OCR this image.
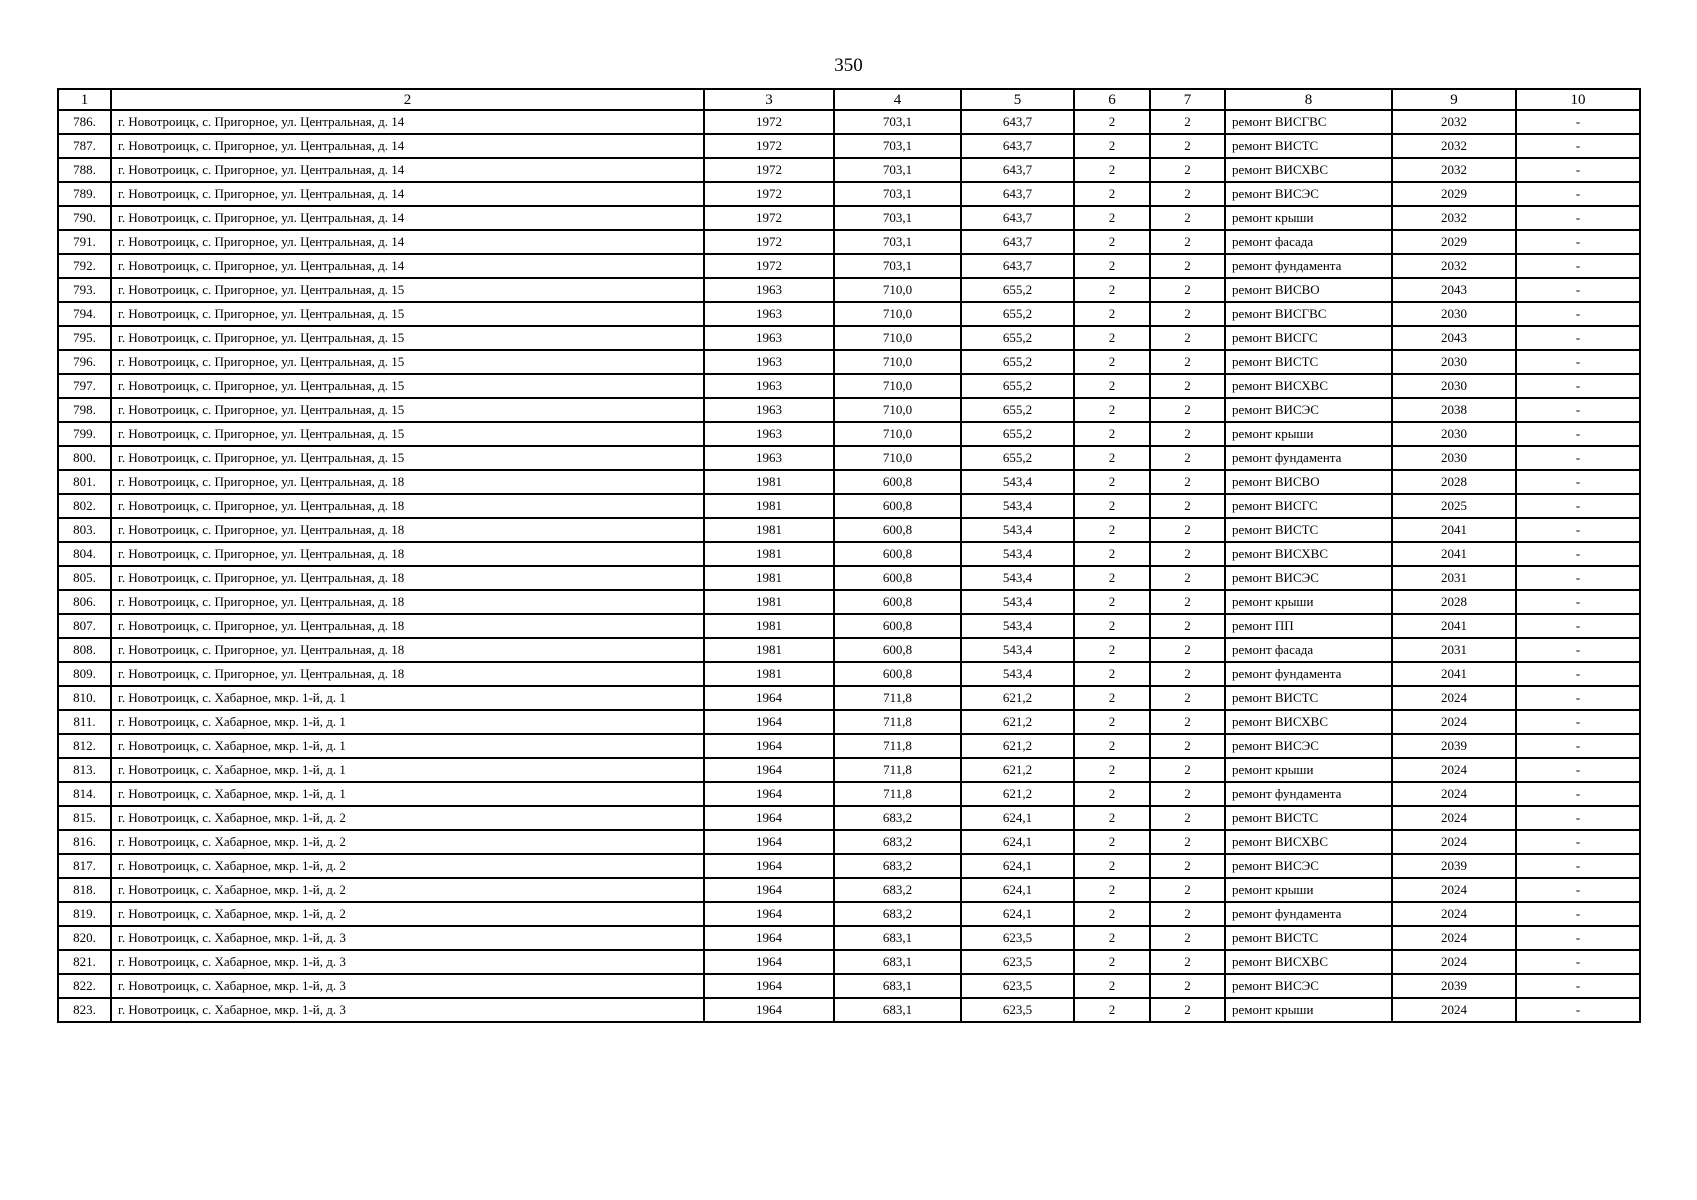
350
1	2	3	4	5	6	7	8	9	10
786.	г. Новотроицк, с. Пригорное, ул. Центральная, д. 14	1972	703,1	643,7	2	2	ремонт ВИСГВС	2032	-
787.	г. Новотроицк, с. Пригорное, ул. Центральная, д. 14	1972	703,1	643,7	2	2	ремонт ВИСТС	2032	-
788.	г. Новотроицк, с. Пригорное, ул. Центральная, д. 14	1972	703,1	643,7	2	2	ремонт ВИСХВС	2032	-
789.	г. Новотроицк, с. Пригорное, ул. Центральная, д. 14	1972	703,1	643,7	2	2	ремонт ВИСЭС	2029	-
790.	г. Новотроицк, с. Пригорное, ул. Центральная, д. 14	1972	703,1	643,7	2	2	ремонт крыши	2032	-
791.	г. Новотроицк, с. Пригорное, ул. Центральная, д. 14	1972	703,1	643,7	2	2	ремонт фасада	2029	-
792.	г. Новотроицк, с. Пригорное, ул. Центральная, д. 14	1972	703,1	643,7	2	2	ремонт фундамента	2032	-
793.	г. Новотроицк, с. Пригорное, ул. Центральная, д. 15	1963	710,0	655,2	2	2	ремонт ВИСВО	2043	-
794.	г. Новотроицк, с. Пригорное, ул. Центральная, д. 15	1963	710,0	655,2	2	2	ремонт ВИСГВС	2030	-
795.	г. Новотроицк, с. Пригорное, ул. Центральная, д. 15	1963	710,0	655,2	2	2	ремонт ВИСГС	2043	-
796.	г. Новотроицк, с. Пригорное, ул. Центральная, д. 15	1963	710,0	655,2	2	2	ремонт ВИСТС	2030	-
797.	г. Новотроицк, с. Пригорное, ул. Центральная, д. 15	1963	710,0	655,2	2	2	ремонт ВИСХВС	2030	-
798.	г. Новотроицк, с. Пригорное, ул. Центральная, д. 15	1963	710,0	655,2	2	2	ремонт ВИСЭС	2038	-
799.	г. Новотроицк, с. Пригорное, ул. Центральная, д. 15	1963	710,0	655,2	2	2	ремонт крыши	2030	-
800.	г. Новотроицк, с. Пригорное, ул. Центральная, д. 15	1963	710,0	655,2	2	2	ремонт фундамента	2030	-
801.	г. Новотроицк, с. Пригорное, ул. Центральная, д. 18	1981	600,8	543,4	2	2	ремонт ВИСВО	2028	-
802.	г. Новотроицк, с. Пригорное, ул. Центральная, д. 18	1981	600,8	543,4	2	2	ремонт ВИСГС	2025	-
803.	г. Новотроицк, с. Пригорное, ул. Центральная, д. 18	1981	600,8	543,4	2	2	ремонт ВИСТС	2041	-
804.	г. Новотроицк, с. Пригорное, ул. Центральная, д. 18	1981	600,8	543,4	2	2	ремонт ВИСХВС	2041	-
805.	г. Новотроицк, с. Пригорное, ул. Центральная, д. 18	1981	600,8	543,4	2	2	ремонт ВИСЭС	2031	-
806.	г. Новотроицк, с. Пригорное, ул. Центральная, д. 18	1981	600,8	543,4	2	2	ремонт крыши	2028	-
807.	г. Новотроицк, с. Пригорное, ул. Центральная, д. 18	1981	600,8	543,4	2	2	ремонт ПП	2041	-
808.	г. Новотроицк, с. Пригорное, ул. Центральная, д. 18	1981	600,8	543,4	2	2	ремонт фасада	2031	-
809.	г. Новотроицк, с. Пригорное, ул. Центральная, д. 18	1981	600,8	543,4	2	2	ремонт фундамента	2041	-
810.	г. Новотроицк, с. Хабарное, мкр. 1-й, д. 1	1964	711,8	621,2	2	2	ремонт ВИСТС	2024	-
811.	г. Новотроицк, с. Хабарное, мкр. 1-й, д. 1	1964	711,8	621,2	2	2	ремонт ВИСХВС	2024	-
812.	г. Новотроицк, с. Хабарное, мкр. 1-й, д. 1	1964	711,8	621,2	2	2	ремонт ВИСЭС	2039	-
813.	г. Новотроицк, с. Хабарное, мкр. 1-й, д. 1	1964	711,8	621,2	2	2	ремонт крыши	2024	-
814.	г. Новотроицк, с. Хабарное, мкр. 1-й, д. 1	1964	711,8	621,2	2	2	ремонт фундамента	2024	-
815.	г. Новотроицк, с. Хабарное, мкр. 1-й, д. 2	1964	683,2	624,1	2	2	ремонт ВИСТС	2024	-
816.	г. Новотроицк, с. Хабарное, мкр. 1-й, д. 2	1964	683,2	624,1	2	2	ремонт ВИСХВС	2024	-
817.	г. Новотроицк, с. Хабарное, мкр. 1-й, д. 2	1964	683,2	624,1	2	2	ремонт ВИСЭС	2039	-
818.	г. Новотроицк, с. Хабарное, мкр. 1-й, д. 2	1964	683,2	624,1	2	2	ремонт крыши	2024	-
819.	г. Новотроицк, с. Хабарное, мкр. 1-й, д. 2	1964	683,2	624,1	2	2	ремонт фундамента	2024	-
820.	г. Новотроицк, с. Хабарное, мкр. 1-й, д. 3	1964	683,1	623,5	2	2	ремонт ВИСТС	2024	-
821.	г. Новотроицк, с. Хабарное, мкр. 1-й, д. 3	1964	683,1	623,5	2	2	ремонт ВИСХВС	2024	-
822.	г. Новотроицк, с. Хабарное, мкр. 1-й, д. 3	1964	683,1	623,5	2	2	ремонт ВИСЭС	2039	-
823.	г. Новотроицк, с. Хабарное, мкр. 1-й, д. 3	1964	683,1	623,5	2	2	ремонт крыши	2024	-
